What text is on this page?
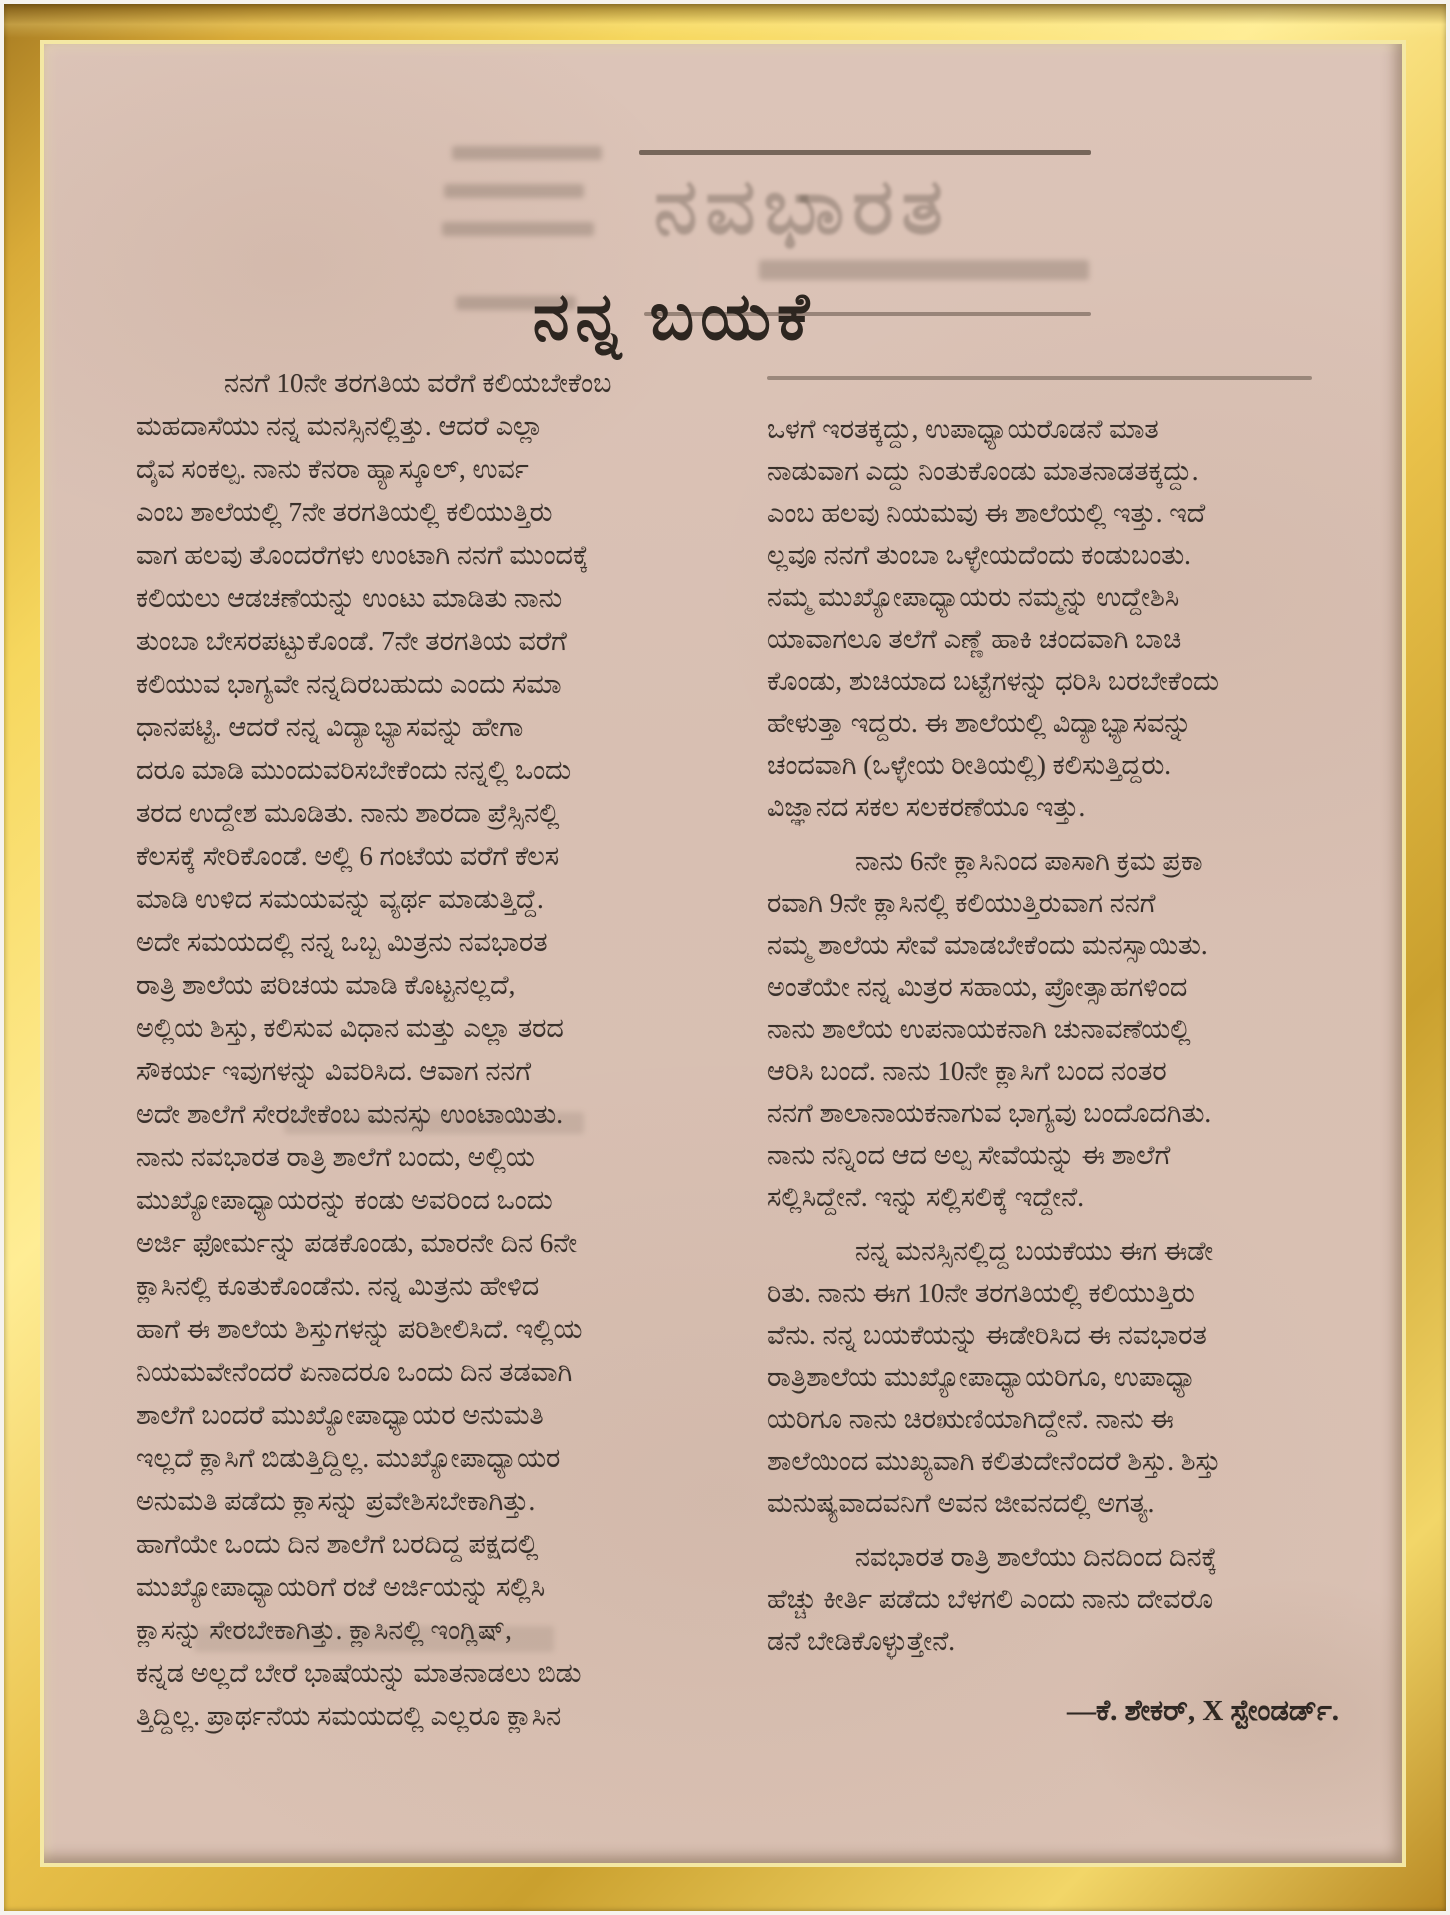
ನವಭಾರತ
ನನ್ನ ಬಯಕೆ
ನನಗೆ 10ನೇ ತರಗತಿಯ ವರೆಗೆ ಕಲಿಯಬೇಕೆಂಬ
ಮಹದಾಸೆಯು ನನ್ನ ಮನಸ್ಸಿನಲ್ಲಿತ್ತು. ಆದರೆ ಎಲ್ಲಾ
ದೈವ ಸಂಕಲ್ಪ. ನಾನು ಕೆನರಾ ಹ್ಯಾಸ್ಕೂಲ್, ಉರ್ವ
ಎಂಬ ಶಾಲೆಯಲ್ಲಿ 7ನೇ ತರಗತಿಯಲ್ಲಿ ಕಲಿಯುತ್ತಿರು
ವಾಗ ಹಲವು ತೊಂದರೆಗಳು ಉಂಟಾಗಿ ನನಗೆ ಮುಂದಕ್ಕೆ
ಕಲಿಯಲು ಆಡಚಣೆಯನ್ನು ಉಂಟು ಮಾಡಿತು ನಾನು
ತುಂಬಾ ಬೇಸರಪಟ್ಟುಕೊಂಡೆ. 7ನೇ ತರಗತಿಯ ವರೆಗೆ
ಕಲಿಯುವ ಭಾಗ್ಯವೇ ನನ್ನದಿರಬಹುದು ಎಂದು ಸಮಾ
ಧಾನಪಟ್ಟಿ. ಆದರೆ ನನ್ನ ವಿದ್ಯಾಭ್ಯಾಸವನ್ನು ಹೇಗಾ
ದರೂ ಮಾಡಿ ಮುಂದುವರಿಸಬೇಕೆಂದು ನನ್ನಲ್ಲಿ ಒಂದು
ತರದ ಉದ್ದೇಶ ಮೂಡಿತು. ನಾನು ಶಾರದಾ ಪ್ರೆಸ್ಸಿನಲ್ಲಿ
ಕೆಲಸಕ್ಕೆ ಸೇರಿಕೊಂಡೆ. ಅಲ್ಲಿ 6 ಗಂಟೆಯ ವರೆಗೆ ಕೆಲಸ
ಮಾಡಿ ಉಳಿದ ಸಮಯವನ್ನು ವ್ಯರ್ಥ ಮಾಡುತ್ತಿದ್ದೆ.
ಅದೇ ಸಮಯದಲ್ಲಿ ನನ್ನ ಒಬ್ಬ ಮಿತ್ರನು ನವಭಾರತ
ರಾತ್ರಿ ಶಾಲೆಯ ಪರಿಚಯ ಮಾಡಿ ಕೊಟ್ಟನಲ್ಲದೆ,
ಅಲ್ಲಿಯ ಶಿಸ್ತು, ಕಲಿಸುವ ವಿಧಾನ ಮತ್ತು ಎಲ್ಲಾ ತರದ
ಸೌಕರ್ಯ ಇವುಗಳನ್ನು ವಿವರಿಸಿದ. ಆವಾಗ ನನಗೆ
ಅದೇ ಶಾಲೆಗೆ ಸೇರಬೇಕೆಂಬ ಮನಸ್ಸು ಉಂಟಾಯಿತು.
ನಾನು ನವಭಾರತ ರಾತ್ರಿ ಶಾಲೆಗೆ ಬಂದು, ಅಲ್ಲಿಯ
ಮುಖ್ಯೋಪಾಧ್ಯಾಯರನ್ನು ಕಂಡು ಅವರಿಂದ ಒಂದು
ಅರ್ಜಿ ಫೋರ್ಮನ್ನು ಪಡಕೊಂಡು, ಮಾರನೇ ದಿನ 6ನೇ
ಕ್ಲಾಸಿನಲ್ಲಿ ಕೂತುಕೊಂಡೆನು. ನನ್ನ ಮಿತ್ರನು ಹೇಳಿದ
ಹಾಗೆ ಈ ಶಾಲೆಯ ಶಿಸ್ತುಗಳನ್ನು ಪರಿಶೀಲಿಸಿದೆ. ಇಲ್ಲಿಯ
ನಿಯಮವೇನೆಂದರೆ ಏನಾದರೂ ಒಂದು ದಿನ ತಡವಾಗಿ
ಶಾಲೆಗೆ ಬಂದರೆ ಮುಖ್ಯೋಪಾಧ್ಯಾಯರ ಅನುಮತಿ
ಇಲ್ಲದೆ ಕ್ಲಾಸಿಗೆ ಬಿಡುತ್ತಿದ್ದಿಲ್ಲ. ಮುಖ್ಯೋಪಾಧ್ಯಾಯರ
ಅನುಮತಿ ಪಡೆದು ಕ್ಲಾಸನ್ನು ಪ್ರವೇಶಿಸಬೇಕಾಗಿತ್ತು.
ಹಾಗೆಯೇ ಒಂದು ದಿನ ಶಾಲೆಗೆ ಬರದಿದ್ದ ಪಕ್ಷದಲ್ಲಿ
ಮುಖ್ಯೋಪಾಧ್ಯಾಯರಿಗೆ ರಜೆ ಅರ್ಜಿಯನ್ನು ಸಲ್ಲಿಸಿ
ಕ್ಲಾಸನ್ನು ಸೇರಬೇಕಾಗಿತ್ತು. ಕ್ಲಾಸಿನಲ್ಲಿ ಇಂಗ್ಲಿಷ್,
ಕನ್ನಡ ಅಲ್ಲದೆ ಬೇರೆ ಭಾಷೆಯನ್ನು ಮಾತನಾಡಲು ಬಿಡು
ತ್ತಿದ್ದಿಲ್ಲ. ಪ್ರಾರ್ಥನೆಯ ಸಮಯದಲ್ಲಿ ಎಲ್ಲರೂ ಕ್ಲಾಸಿನ
ಒಳಗೆ ಇರತಕ್ಕದ್ದು, ಉಪಾಧ್ಯಾಯರೊಡನೆ ಮಾತ
ನಾಡುವಾಗ ಎದ್ದು ನಿಂತುಕೊಂಡು ಮಾತನಾಡತಕ್ಕದ್ದು.
ಎಂಬ ಹಲವು ನಿಯಮವು ಈ ಶಾಲೆಯಲ್ಲಿ ಇತ್ತು. ಇದೆ
ಲ್ಲವೂ ನನಗೆ ತುಂಬಾ ಒಳ್ಳೇಯದೆಂದು ಕಂಡುಬಂತು.
ನಮ್ಮ ಮುಖ್ಯೋಪಾಧ್ಯಾಯರು ನಮ್ಮನ್ನು ಉದ್ದೇಶಿಸಿ
ಯಾವಾಗಲೂ ತಲೆಗೆ ಎಣ್ಣೆ ಹಾಕಿ ಚಂದವಾಗಿ ಬಾಚಿ
ಕೊಂಡು, ಶುಚಿಯಾದ ಬಟ್ಟೆಗಳನ್ನು ಧರಿಸಿ ಬರಬೇಕೆಂದು
ಹೇಳುತ್ತಾ ಇದ್ದರು. ಈ ಶಾಲೆಯಲ್ಲಿ ವಿದ್ಯಾಭ್ಯಾಸವನ್ನು
ಚಂದವಾಗಿ (ಒಳ್ಳೇಯ ರೀತಿಯಲ್ಲಿ) ಕಲಿಸುತ್ತಿದ್ದರು.
ವಿಜ್ಞಾನದ ಸಕಲ ಸಲಕರಣೆಯೂ ಇತ್ತು.
ನಾನು 6ನೇ ಕ್ಲಾಸಿನಿಂದ ಪಾಸಾಗಿ ಕ್ರಮ ಪ್ರಕಾ
ರವಾಗಿ 9ನೇ ಕ್ಲಾಸಿನಲ್ಲಿ ಕಲಿಯುತ್ತಿರುವಾಗ ನನಗೆ
ನಮ್ಮ ಶಾಲೆಯ ಸೇವೆ ಮಾಡಬೇಕೆಂದು ಮನಸ್ಸಾಯಿತು.
ಅಂತೆಯೇ ನನ್ನ ಮಿತ್ರರ ಸಹಾಯ, ಪ್ರೋತ್ಸಾಹಗಳಿಂದ
ನಾನು ಶಾಲೆಯ ಉಪನಾಯಕನಾಗಿ ಚುನಾವಣೆಯಲ್ಲಿ
ಆರಿಸಿ ಬಂದೆ. ನಾನು 10ನೇ ಕ್ಲಾಸಿಗೆ ಬಂದ ನಂತರ
ನನಗೆ ಶಾಲಾನಾಯಕನಾಗುವ ಭಾಗ್ಯವು ಬಂದೊದಗಿತು.
ನಾನು ನನ್ನಿಂದ ಆದ ಅಲ್ಪ ಸೇವೆಯನ್ನು ಈ ಶಾಲೆಗೆ
ಸಲ್ಲಿಸಿದ್ದೇನೆ. ಇನ್ನು ಸಲ್ಲಿಸಲಿಕ್ಕೆ ಇದ್ದೇನೆ.
ನನ್ನ ಮನಸ್ಸಿನಲ್ಲಿದ್ದ ಬಯಕೆಯು ಈಗ ಈಡೇ
ರಿತು. ನಾನು ಈಗ 10ನೇ ತರಗತಿಯಲ್ಲಿ ಕಲಿಯುತ್ತಿರು
ವೆನು. ನನ್ನ ಬಯಕೆಯನ್ನು ಈಡೇರಿಸಿದ ಈ ನವಭಾರತ
ರಾತ್ರಿಶಾಲೆಯ ಮುಖ್ಯೋಪಾಧ್ಯಾಯರಿಗೂ, ಉಪಾಧ್ಯಾ
ಯರಿಗೂ ನಾನು ಚಿರಋಣಿಯಾಗಿದ್ದೇನೆ. ನಾನು ಈ
ಶಾಲೆಯಿಂದ ಮುಖ್ಯವಾಗಿ ಕಲಿತುದೇನೆಂದರೆ ಶಿಸ್ತು. ಶಿಸ್ತು
ಮನುಷ್ಯವಾದವನಿಗೆ ಅವನ ಜೀವನದಲ್ಲಿ ಅಗತ್ಯ.
ನವಭಾರತ ರಾತ್ರಿ ಶಾಲೆಯು ದಿನದಿಂದ ದಿನಕ್ಕೆ
ಹೆಚ್ಚು ಕೀರ್ತಿ ಪಡೆದು ಬೆಳಗಲಿ ಎಂದು ನಾನು ದೇವರೊ
ಡನೆ ಬೇಡಿಕೊಳ್ಳುತ್ತೇನೆ.
—ಕೆ. ಶೇಕರ್, X ಸ್ಟೇಂಡರ್ಡ್.
